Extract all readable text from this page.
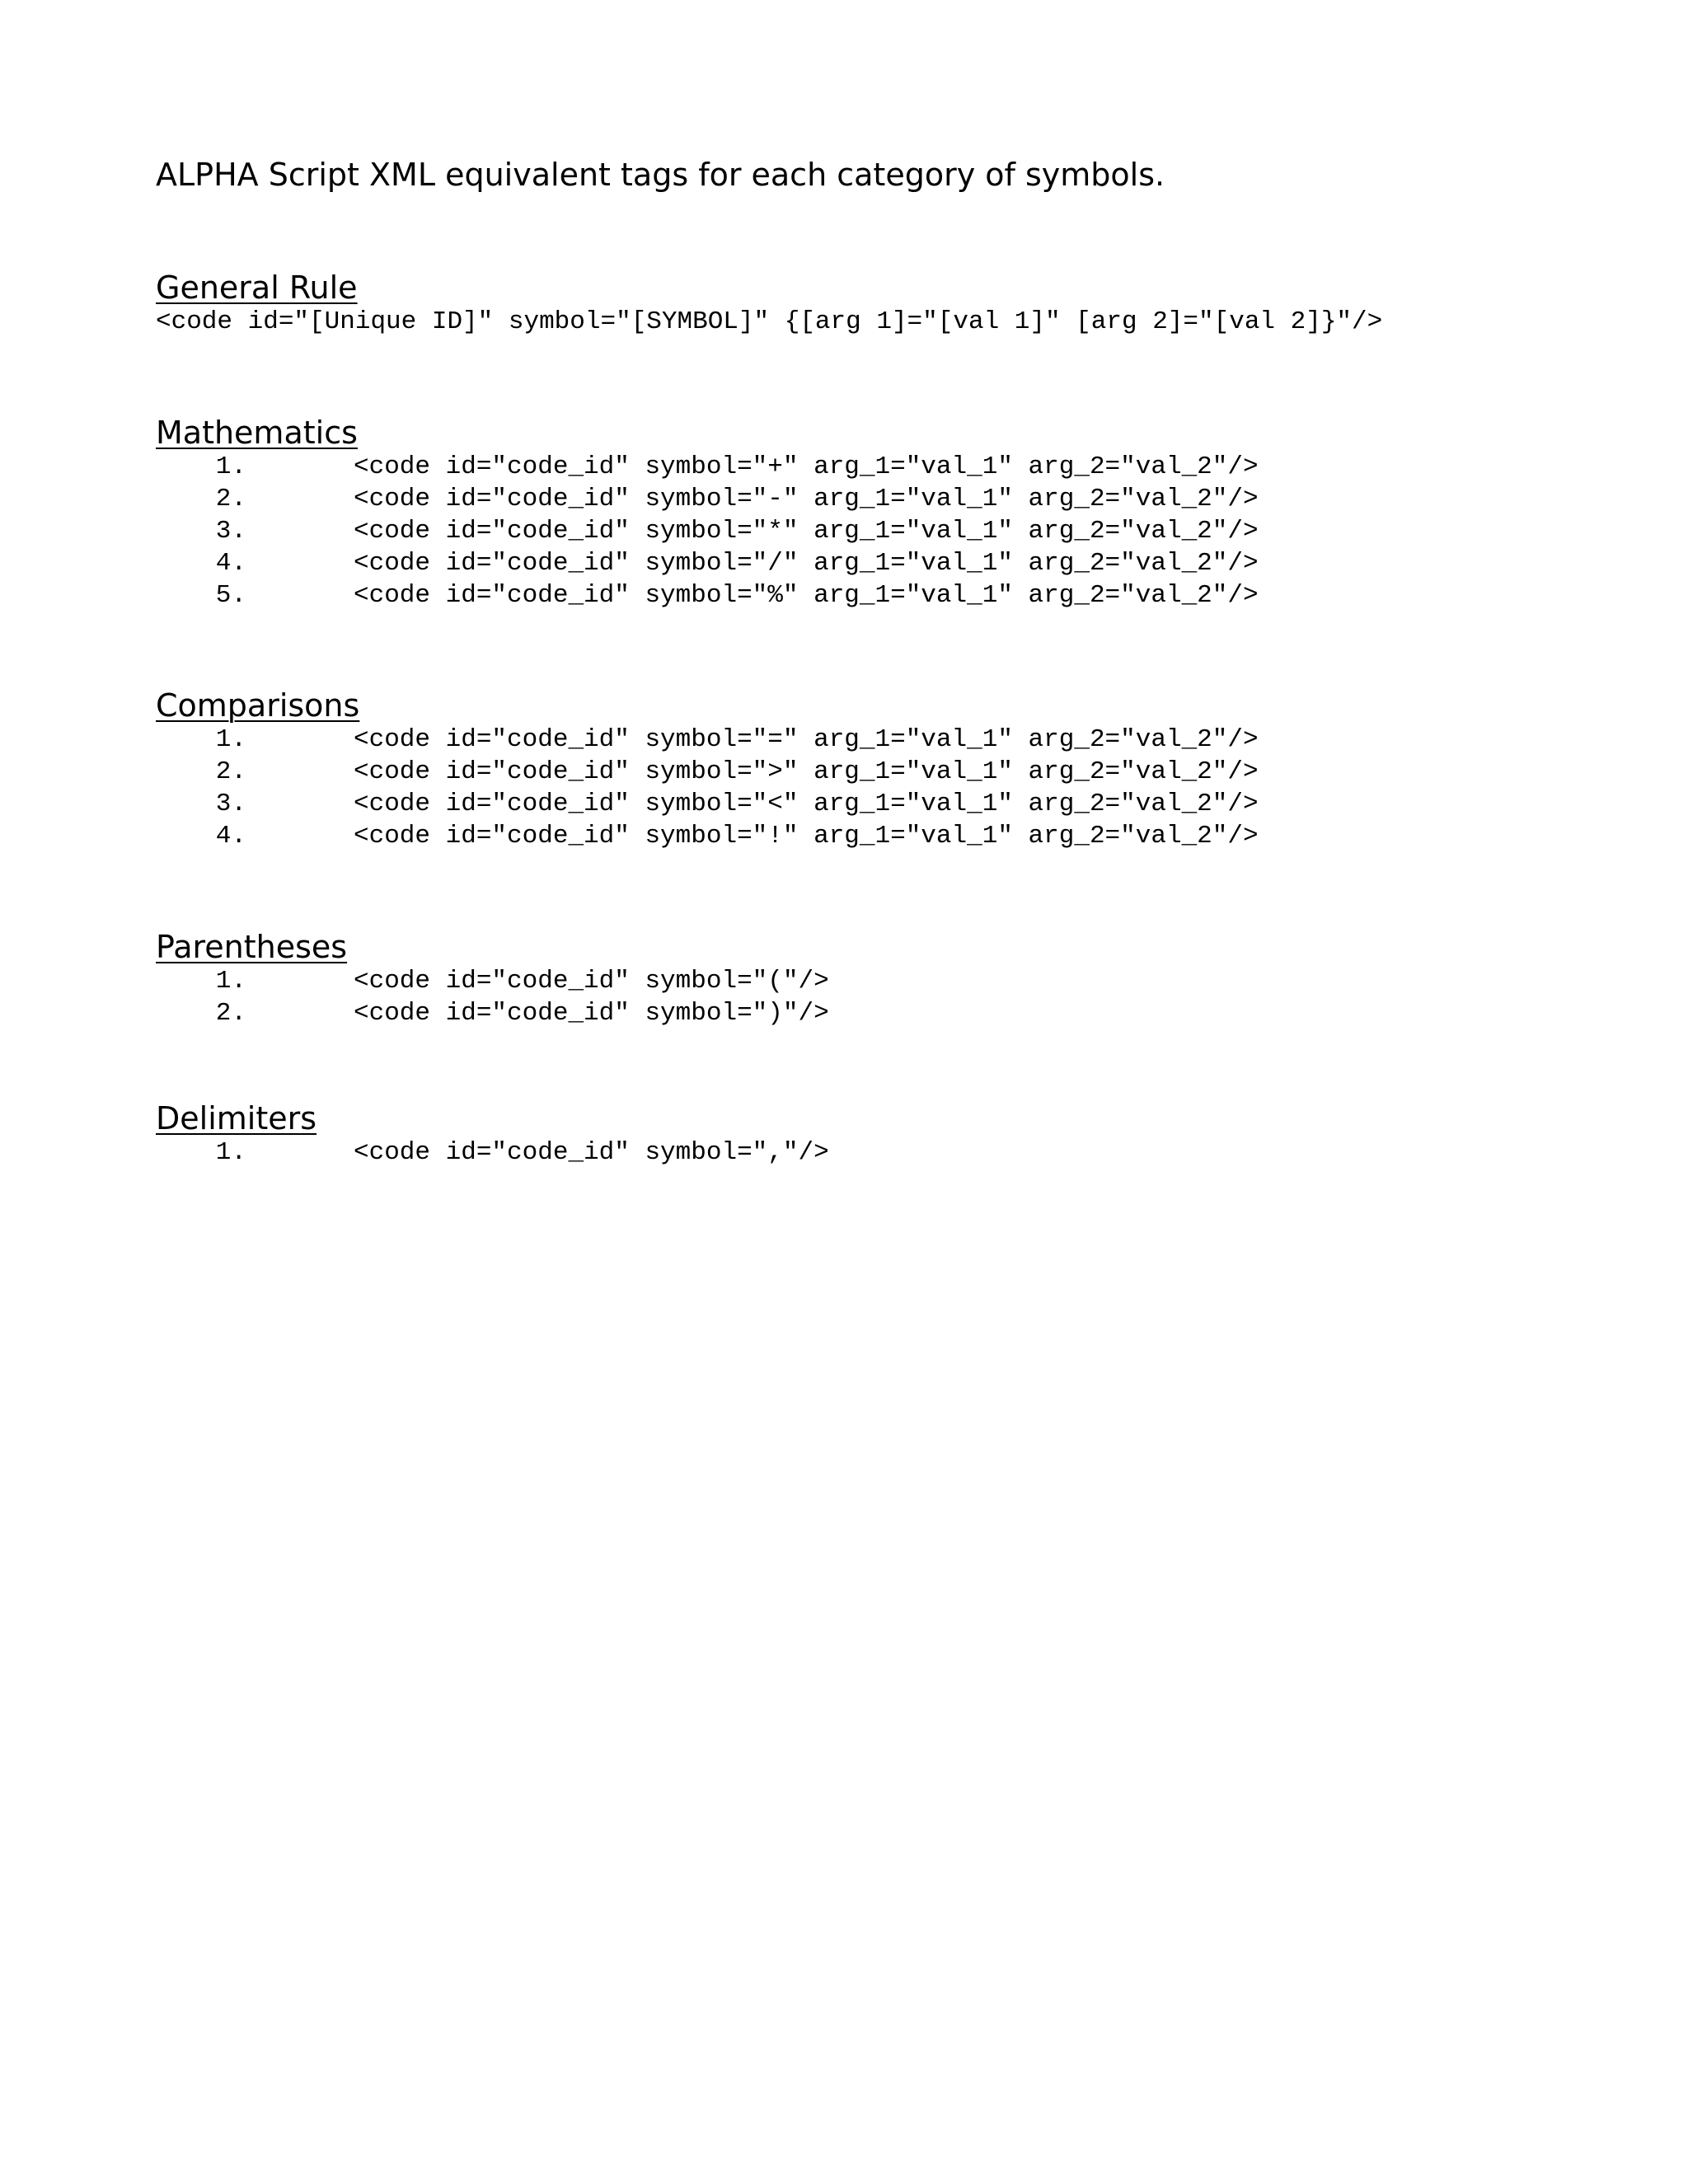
ALPHA Script XML equivalent tags for each category of symbols.
General Rule
<code id="[Unique ID]" symbol="[SYMBOL]" {[arg 1]="[val 1]" [arg 2]="[val 2]}"/>
Mathematics
1.	<code id="code_id" symbol="+" arg_1="val_1" arg_2="val_2"/>
2.	<code id="code_id" symbol="-" arg_1="val_1" arg_2="val_2"/>
3.	<code id="code_id" symbol="*" arg_1="val_1" arg_2="val_2"/>
4.	<code id="code_id" symbol="/" arg_1="val_1" arg_2="val_2"/>
5.	<code id="code_id" symbol="%" arg_1="val_1" arg_2="val_2"/>
Comparisons
1.	<code id="code_id" symbol="=" arg_1="val_1" arg_2="val_2"/>
2.	<code id="code_id" symbol=">" arg_1="val_1" arg_2="val_2"/>
3.	<code id="code_id" symbol="<" arg_1="val_1" arg_2="val_2"/>
4.	<code id="code_id" symbol="!" arg_1="val_1" arg_2="val_2"/>
Parentheses
1.	<code id="code_id" symbol="("/>
2.	<code id="code_id" symbol=")"/>
Delimiters
1.	<code id="code_id" symbol=","/>
